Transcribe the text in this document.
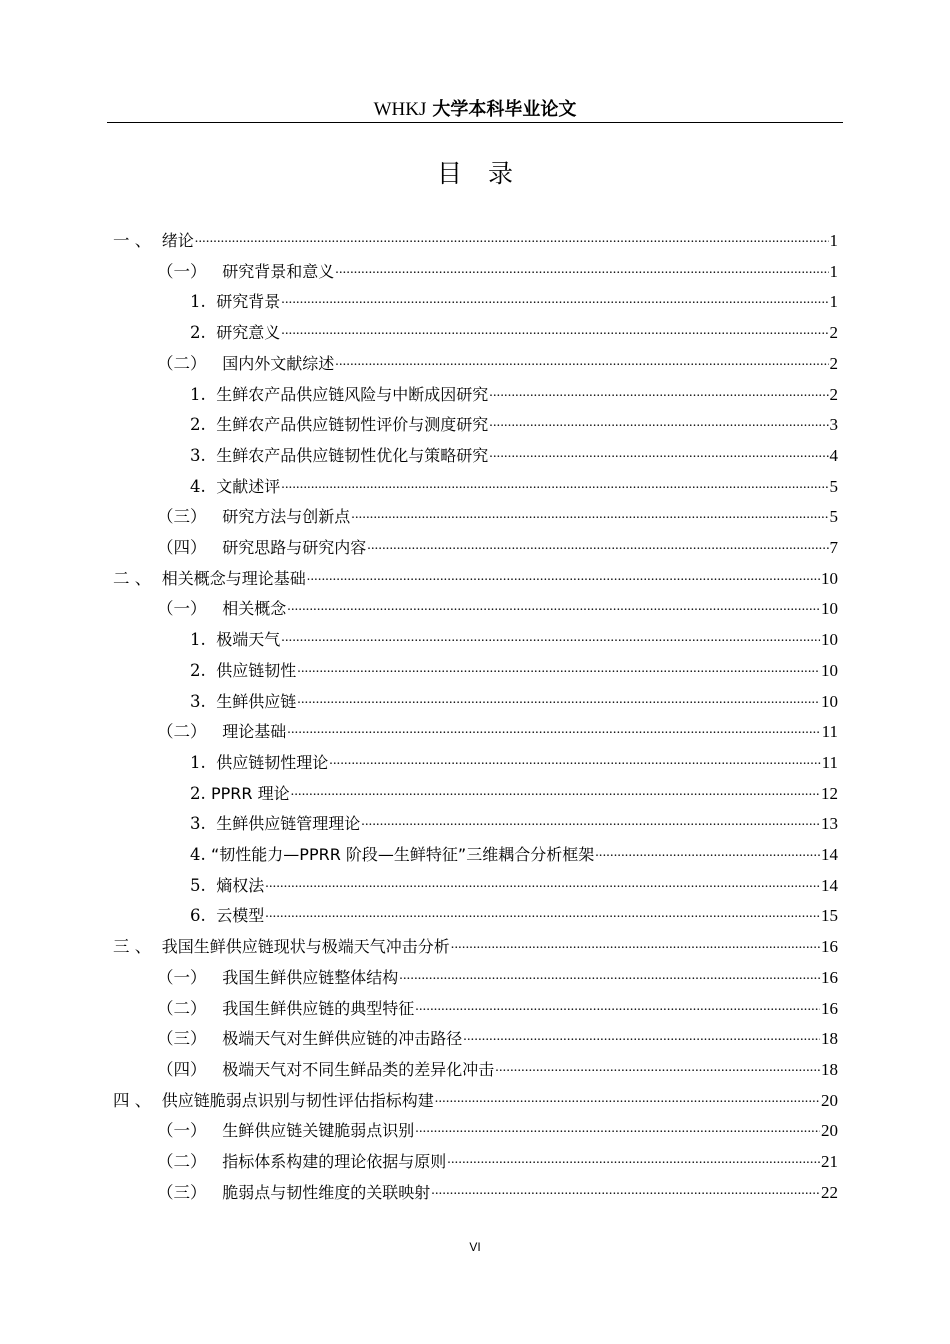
WHKJ 大学本科毕业论文
目录
一 、 绪论 .....	1
（一） 研究背景和意义 .....	1
1. 研究背景 .....	1
2. 研究意义 .....	2
（二） 国内外文献综述 .....	2
1. 生鲜农产品供应链风险与中断成因研究 .....	2
2. 生鲜农产品供应链韧性评价与测度研究 .....	3
3. 生鲜农产品供应链韧性优化与策略研究 .....	4
4. 文献述评 .....	5
（三） 研究方法与创新点 .....	5
（四） 研究思路与研究内容 .....	7
二 、 相关概念与理论基础 .....	10
（一） 相关概念 .....	10
1. 极端天气 .....	10
2. 供应链韧性 .....	10
3. 生鲜供应链 .....	10
（二） 理论基础 .....	11
1. 供应链韧性理论 .....	11
2. PPRR 理论 .....	12
3. 生鲜供应链管理理论 .....	13
4. “韧性能力—PPRR 阶段—生鲜特征”三维耦合分析框架 .....	14
5. 熵权法 .....	14
6. 云模型 .....	15
三 、 我国生鲜供应链现状与极端天气冲击分析 .....	16
（一） 我国生鲜供应链整体结构 .....	16
（二） 我国生鲜供应链的典型特征 .....	16
（三） 极端天气对生鲜供应链的冲击路径 .....	18
（四） 极端天气对不同生鲜品类的差异化冲击 .....	18
四 、 供应链脆弱点识别与韧性评估指标构建 .....	20
（一） 生鲜供应链关键脆弱点识别 .....	20
（二） 指标体系构建的理论依据与原则 .....	21
（三） 脆弱点与韧性维度的关联映射 .....	22
VI
